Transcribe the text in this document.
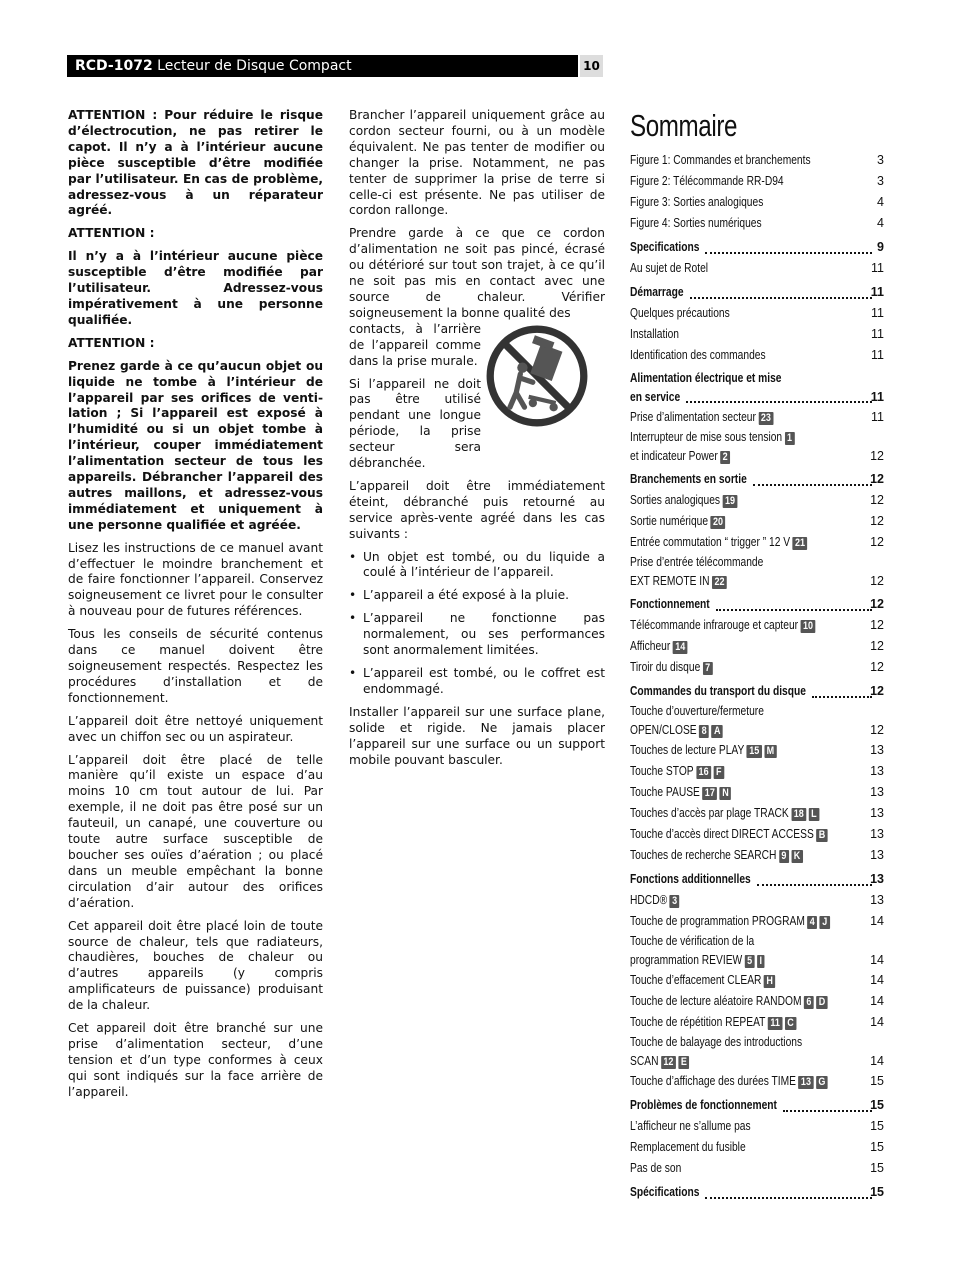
RCD-1072 Lecteur de Disque Compact	10

ATTENTION : Pour réduire le risque d’électrocution, ne pas retirer le capot. Il n’y a à l’intérieur aucune pièce susceptible d’être modifiée par l’utilisateur. En cas de problème, adressez-vous à un réparateur agréé.

ATTENTION :

Il n’y a à l’intérieur aucune pièce susceptible d’être modifiée par l’utilisateur. Adressez-vous impérativement à une personne qualifiée.

ATTENTION :

Prenez garde à ce qu’aucun objet ou liquide ne tombe à l’intérieur de l’appareil par ses orifices de venti-lation ; Si l’appareil est exposé à l’humidité ou si un objet tombe à l’intérieur, couper immédiatement l’alimentation secteur de tous les appareils. Débrancher l’appareil des autres maillons, et adressez-vous immédiatement et uniquement à une personne qualifiée et agréée.

Lisez les instructions de ce manuel avant d’effectuer le moindre branchement et de faire fonctionner l’appareil. Conservez soigneusement ce livret pour le consulter à nouveau pour de futures références.

Tous les conseils de sécurité contenus dans ce manuel doivent être soigneusement respectés. Respectez les procédures d’installation et de fonctionnement.

L’appareil doit être nettoyé uniquement avec un chiffon sec ou un aspirateur.

L’appareil doit être placé de telle manière qu’il existe un espace d’au moins 10 cm tout autour de lui. Par exemple, il ne doit pas être posé sur un fauteuil, un canapé, une couverture ou toute autre surface susceptible de boucher ses ouïes d’aération ; ou placé dans un meuble empêchant la bonne circulation d’air autour des orifices d’aération.

Cet appareil doit être placé loin de toute source de chaleur, tels que radiateurs, chaudières, bouches de chaleur ou d’autres appareils (y compris amplificateurs de puissance) produisant de la chaleur.

Cet appareil doit être branché sur une prise d’alimentation secteur, d’une tension et d’un type conformes à ceux qui sont indiqués sur la face arrière de l’appareil.

Brancher l’appareil uniquement grâce au cordon secteur fourni, ou à un modèle équivalent. Ne pas tenter de modifier ou changer la prise. Notamment, ne pas tenter de supprimer la prise de terre si celle-ci est présente. Ne pas utiliser de cordon rallonge.

Prendre garde à ce que ce cordon d’alimentation ne soit pas pincé, écrasé ou détérioré sur tout son trajet, à ce qu’il ne soit pas mis en contact avec une source de chaleur. Vérifier soigneusement la bonne qualité des

contacts, à l’arrière de l’appareil comme dans la prise murale.

Si l’appareil ne doit pas être utilisé pendant une longue période, la prise secteur sera débranchée.

L’appareil doit être immédiatement éteint, débranché puis retourné au service après-vente agréé dans les cas suivants :

• Un objet est tombé, ou du liquide a coulé à l’intérieur de l’appareil.
• L’appareil a été exposé à la pluie.
• L’appareil ne fonctionne pas normalement, ou ses performances sont anormalement limitées.
• L’appareil est tombé, ou le coffret est endommagé.

Installer l’appareil sur une surface plane, solide et rigide. Ne jamais placer l’appareil sur une surface ou un support mobile pouvant basculer.

Sommaire
Figure 1: Commandes et branchements	3
Figure 2: Télécommande RR-D94	3
Figure 3: Sorties analogiques	4
Figure 4: Sorties numériques	4
Specifications	9
Au sujet de Rotel	11
Démarrage	11
Quelques précautions	11
Installation	11
Identification des commandes	11
Alimentation électrique et mise
en service	11
Prise d’alimentation secteur 23	11
Interrupteur de mise sous tension 1
et indicateur Power 2	12
Branchements en sortie	12
Sorties analogiques 19	12
Sortie numérique 20	12
Entrée commutation “ trigger ” 12 V 21	12
Prise d’entrée télécommande
EXT REMOTE IN 22	12
Fonctionnement	12
Télécommande infrarouge et capteur 10	12
Afficheur 14	12
Tiroir du disque 7	12
Commandes du transport du disque	12
Touche d’ouverture/fermeture
OPEN/CLOSE 8 A	12
Touches de lecture PLAY 15 M	13
Touche STOP 16 F	13
Touche PAUSE 17 N	13
Touches d’accès par plage TRACK 18 L	13
Touche d’accès direct DIRECT ACCESS B	13
Touches de recherche SEARCH 9 K	13
Fonctions additionnelles	13
HDCD® 3	13
Touche de programmation PROGRAM 4 J	14
Touche de vérification de la
programmation REVIEW 5 I	14
Touche d’effacement CLEAR H	14
Touche de lecture aléatoire RANDOM 6 D	14
Touche de répétition REPEAT 11 C	14
Touche de balayage des introductions
SCAN 12 E	14
Touche d’affichage des durées TIME 13 G	15
Problèmes de fonctionnement	15
L’afficheur ne s’allume pas	15
Remplacement du fusible	15
Pas de son	15
Spécifications	15
